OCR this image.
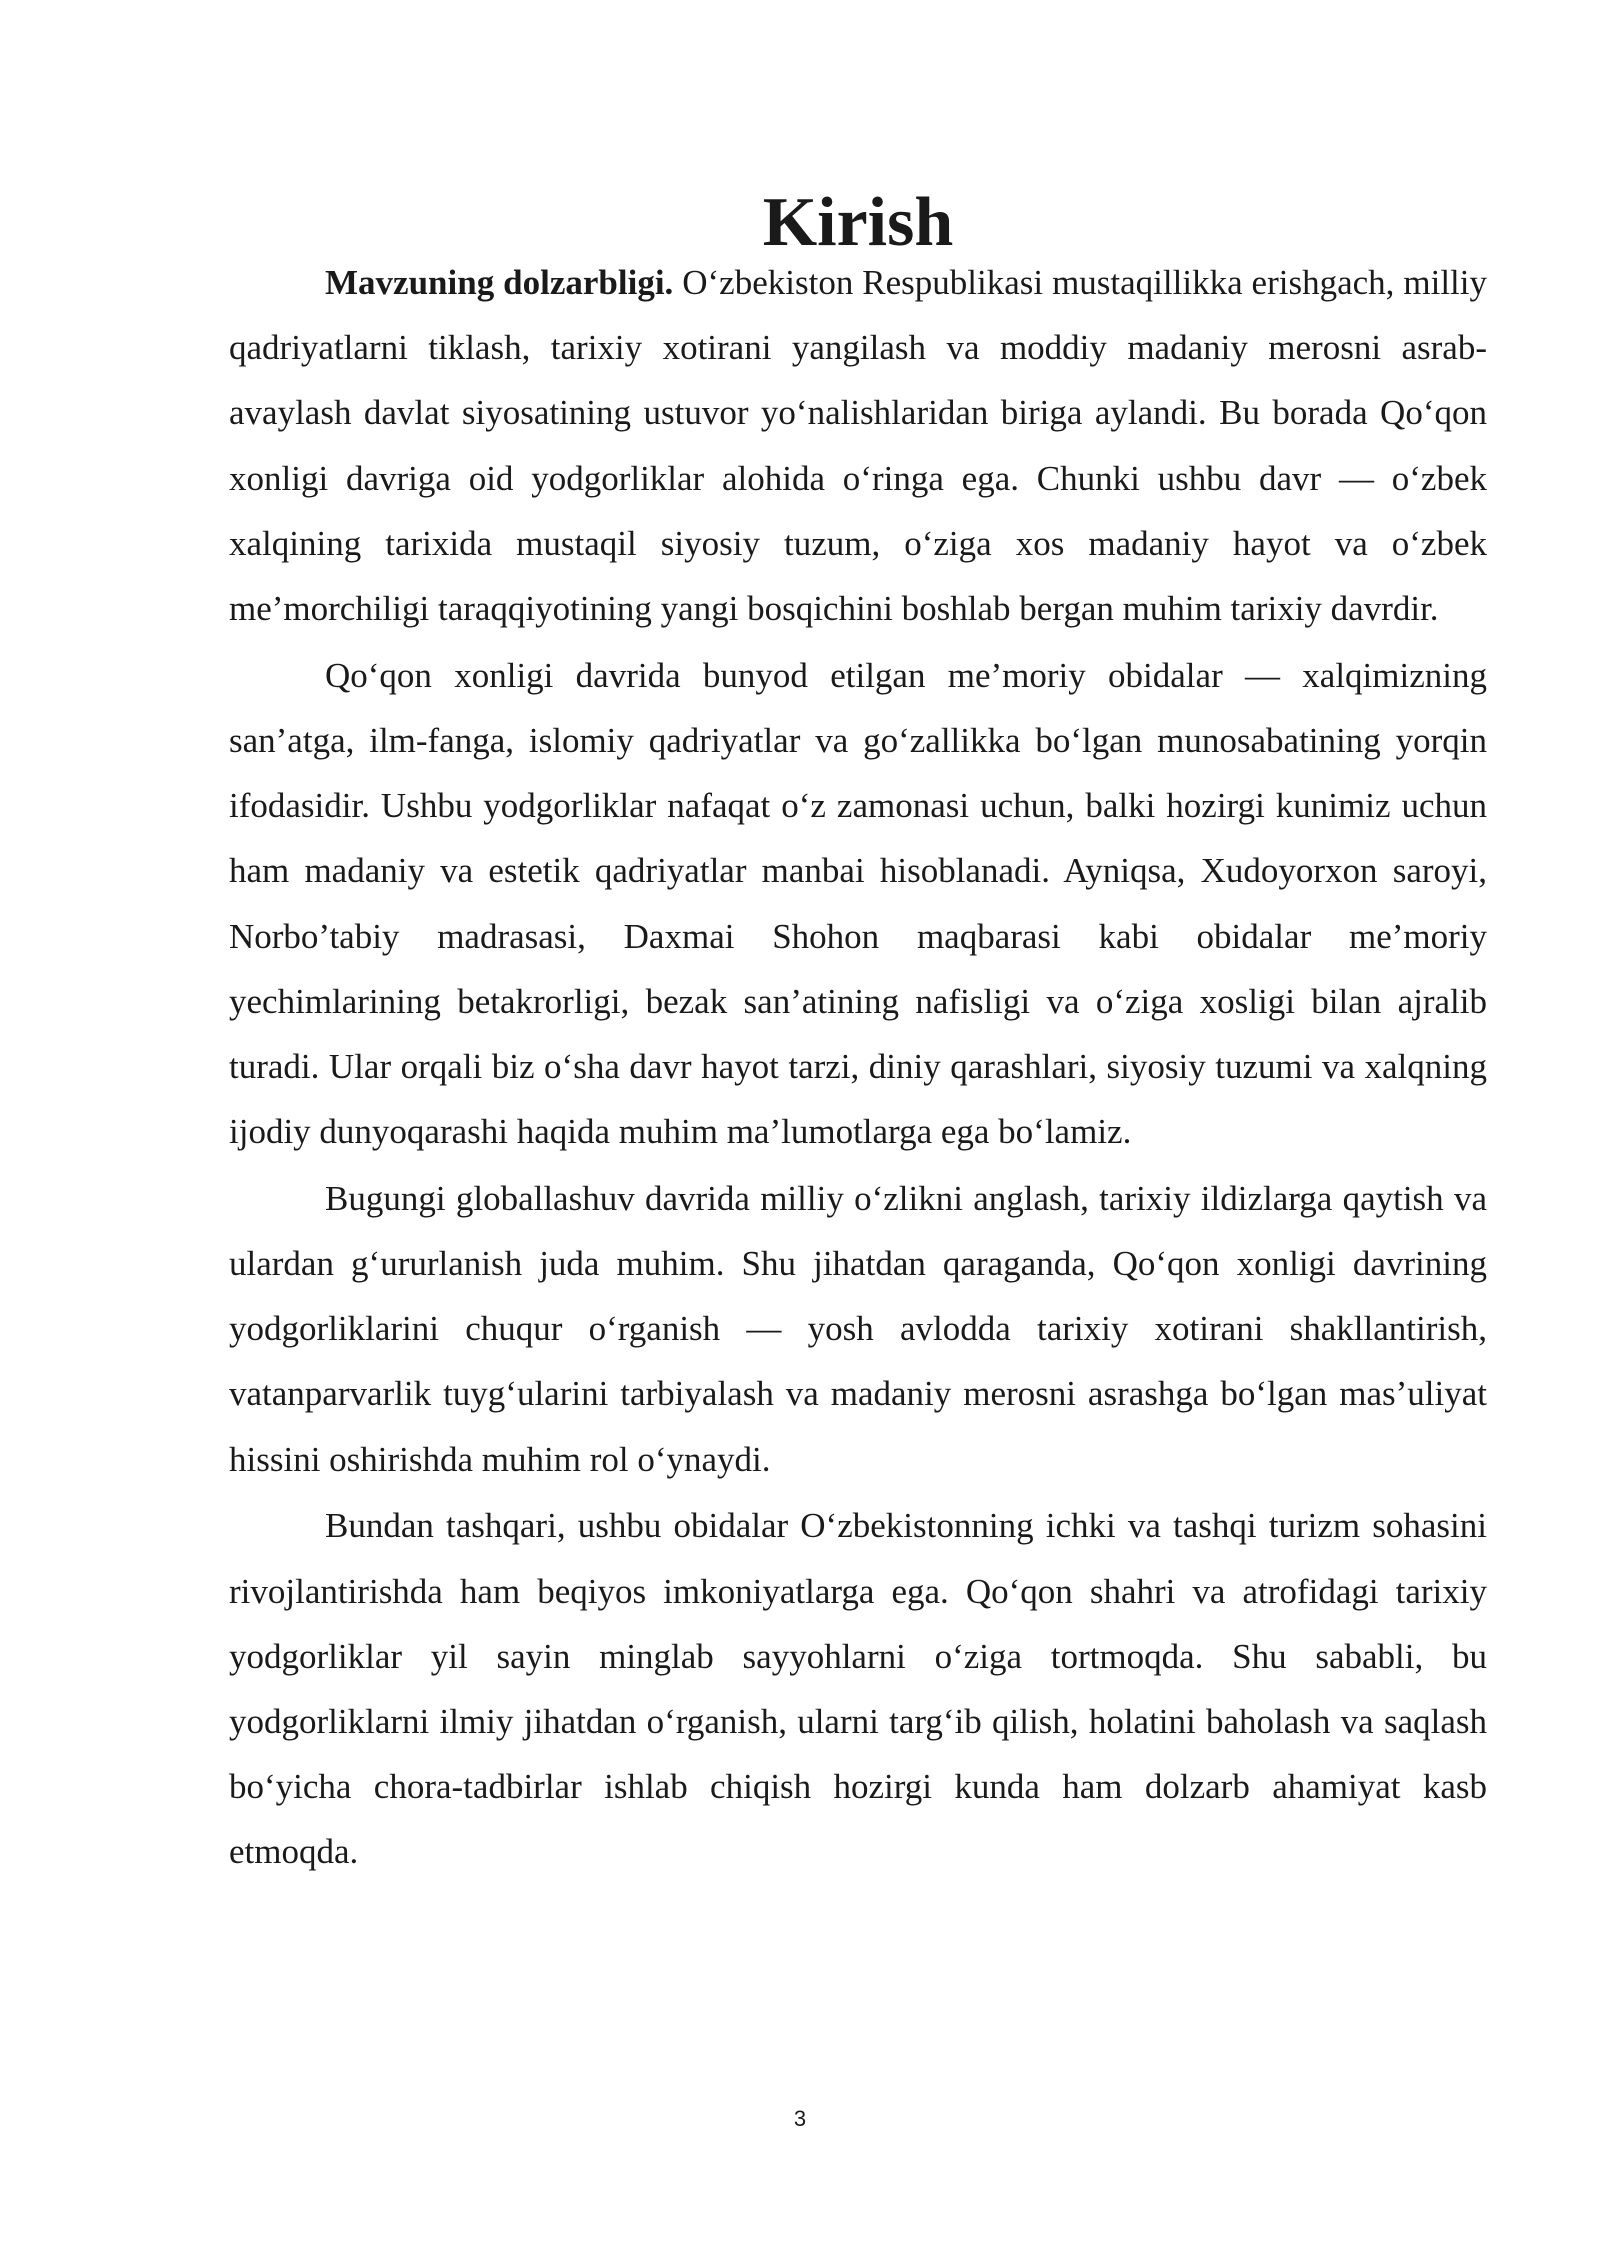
Kirish

Mavzuning dolzarbligi. O‘zbekiston Respublikasi mustaqillikka erishgach, milliy qadriyatlarni tiklash, tarixiy xotirani yangilash va moddiy madaniy merosni asrab-avaylash davlat siyosatining ustuvor yo‘nalishlaridan biriga aylandi. Bu borada Qo‘qon xonligi davriga oid yodgorliklar alohida o‘ringa ega. Chunki ushbu davr — o‘zbek xalqining tarixida mustaqil siyosiy tuzum, o‘ziga xos madaniy hayot va o‘zbek me’morchiligi taraqqiyotining yangi bosqichini boshlab bergan muhim tarixiy davrdir.

Qo‘qon xonligi davrida bunyod etilgan me’moriy obidalar — xalqimizning san’atga, ilm-fanga, islomiy qadriyatlar va go‘zallikka bo‘lgan munosabatining yorqin ifodasidir. Ushbu yodgorliklar nafaqat o‘z zamonasi uchun, balki hozirgi kunimiz uchun ham madaniy va estetik qadriyatlar manbai hisoblanadi. Ayniqsa, Xudoyorxon saroyi, Norbo’tabiy madrasasi, Daxmai Shohon maqbarasi kabi obidalar me’moriy yechimlarining betakrorligi, bezak san’atining nafisligi va o‘ziga xosligi bilan ajralib turadi. Ular orqali biz o‘sha davr hayot tarzi, diniy qarashlari, siyosiy tuzumi va xalqning ijodiy dunyoqarashi haqida muhim ma’lumotlarga ega bo‘lamiz.

Bugungi globallashuv davrida milliy o‘zlikni anglash, tarixiy ildizlarga qaytish va ulardan g‘ururlanish juda muhim. Shu jihatdan qaraganda, Qo‘qon xonligi davrining yodgorliklarini chuqur o‘rganish — yosh avlodda tarixiy xotirani shakllantirish, vatanparvarlik tuyg‘ularini tarbiyalash va madaniy merosni asrashga bo‘lgan mas’uliyat hissini oshirishda muhim rol o‘ynaydi.

Bundan tashqari, ushbu obidalar O‘zbekistonning ichki va tashqi turizm sohasini rivojlantirishda ham beqiyos imkoniyatlarga ega. Qo‘qon shahri va atrofidagi tarixiy yodgorliklar yil sayin minglab sayyohlarni o‘ziga tortmoqda. Shu sababli, bu yodgorliklarni ilmiy jihatdan o‘rganish, ularni targ‘ib qilish, holatini baholash va saqlash bo‘yicha chora-tadbirlar ishlab chiqish hozirgi kunda ham dolzarb ahamiyat kasb etmoqda.

3
